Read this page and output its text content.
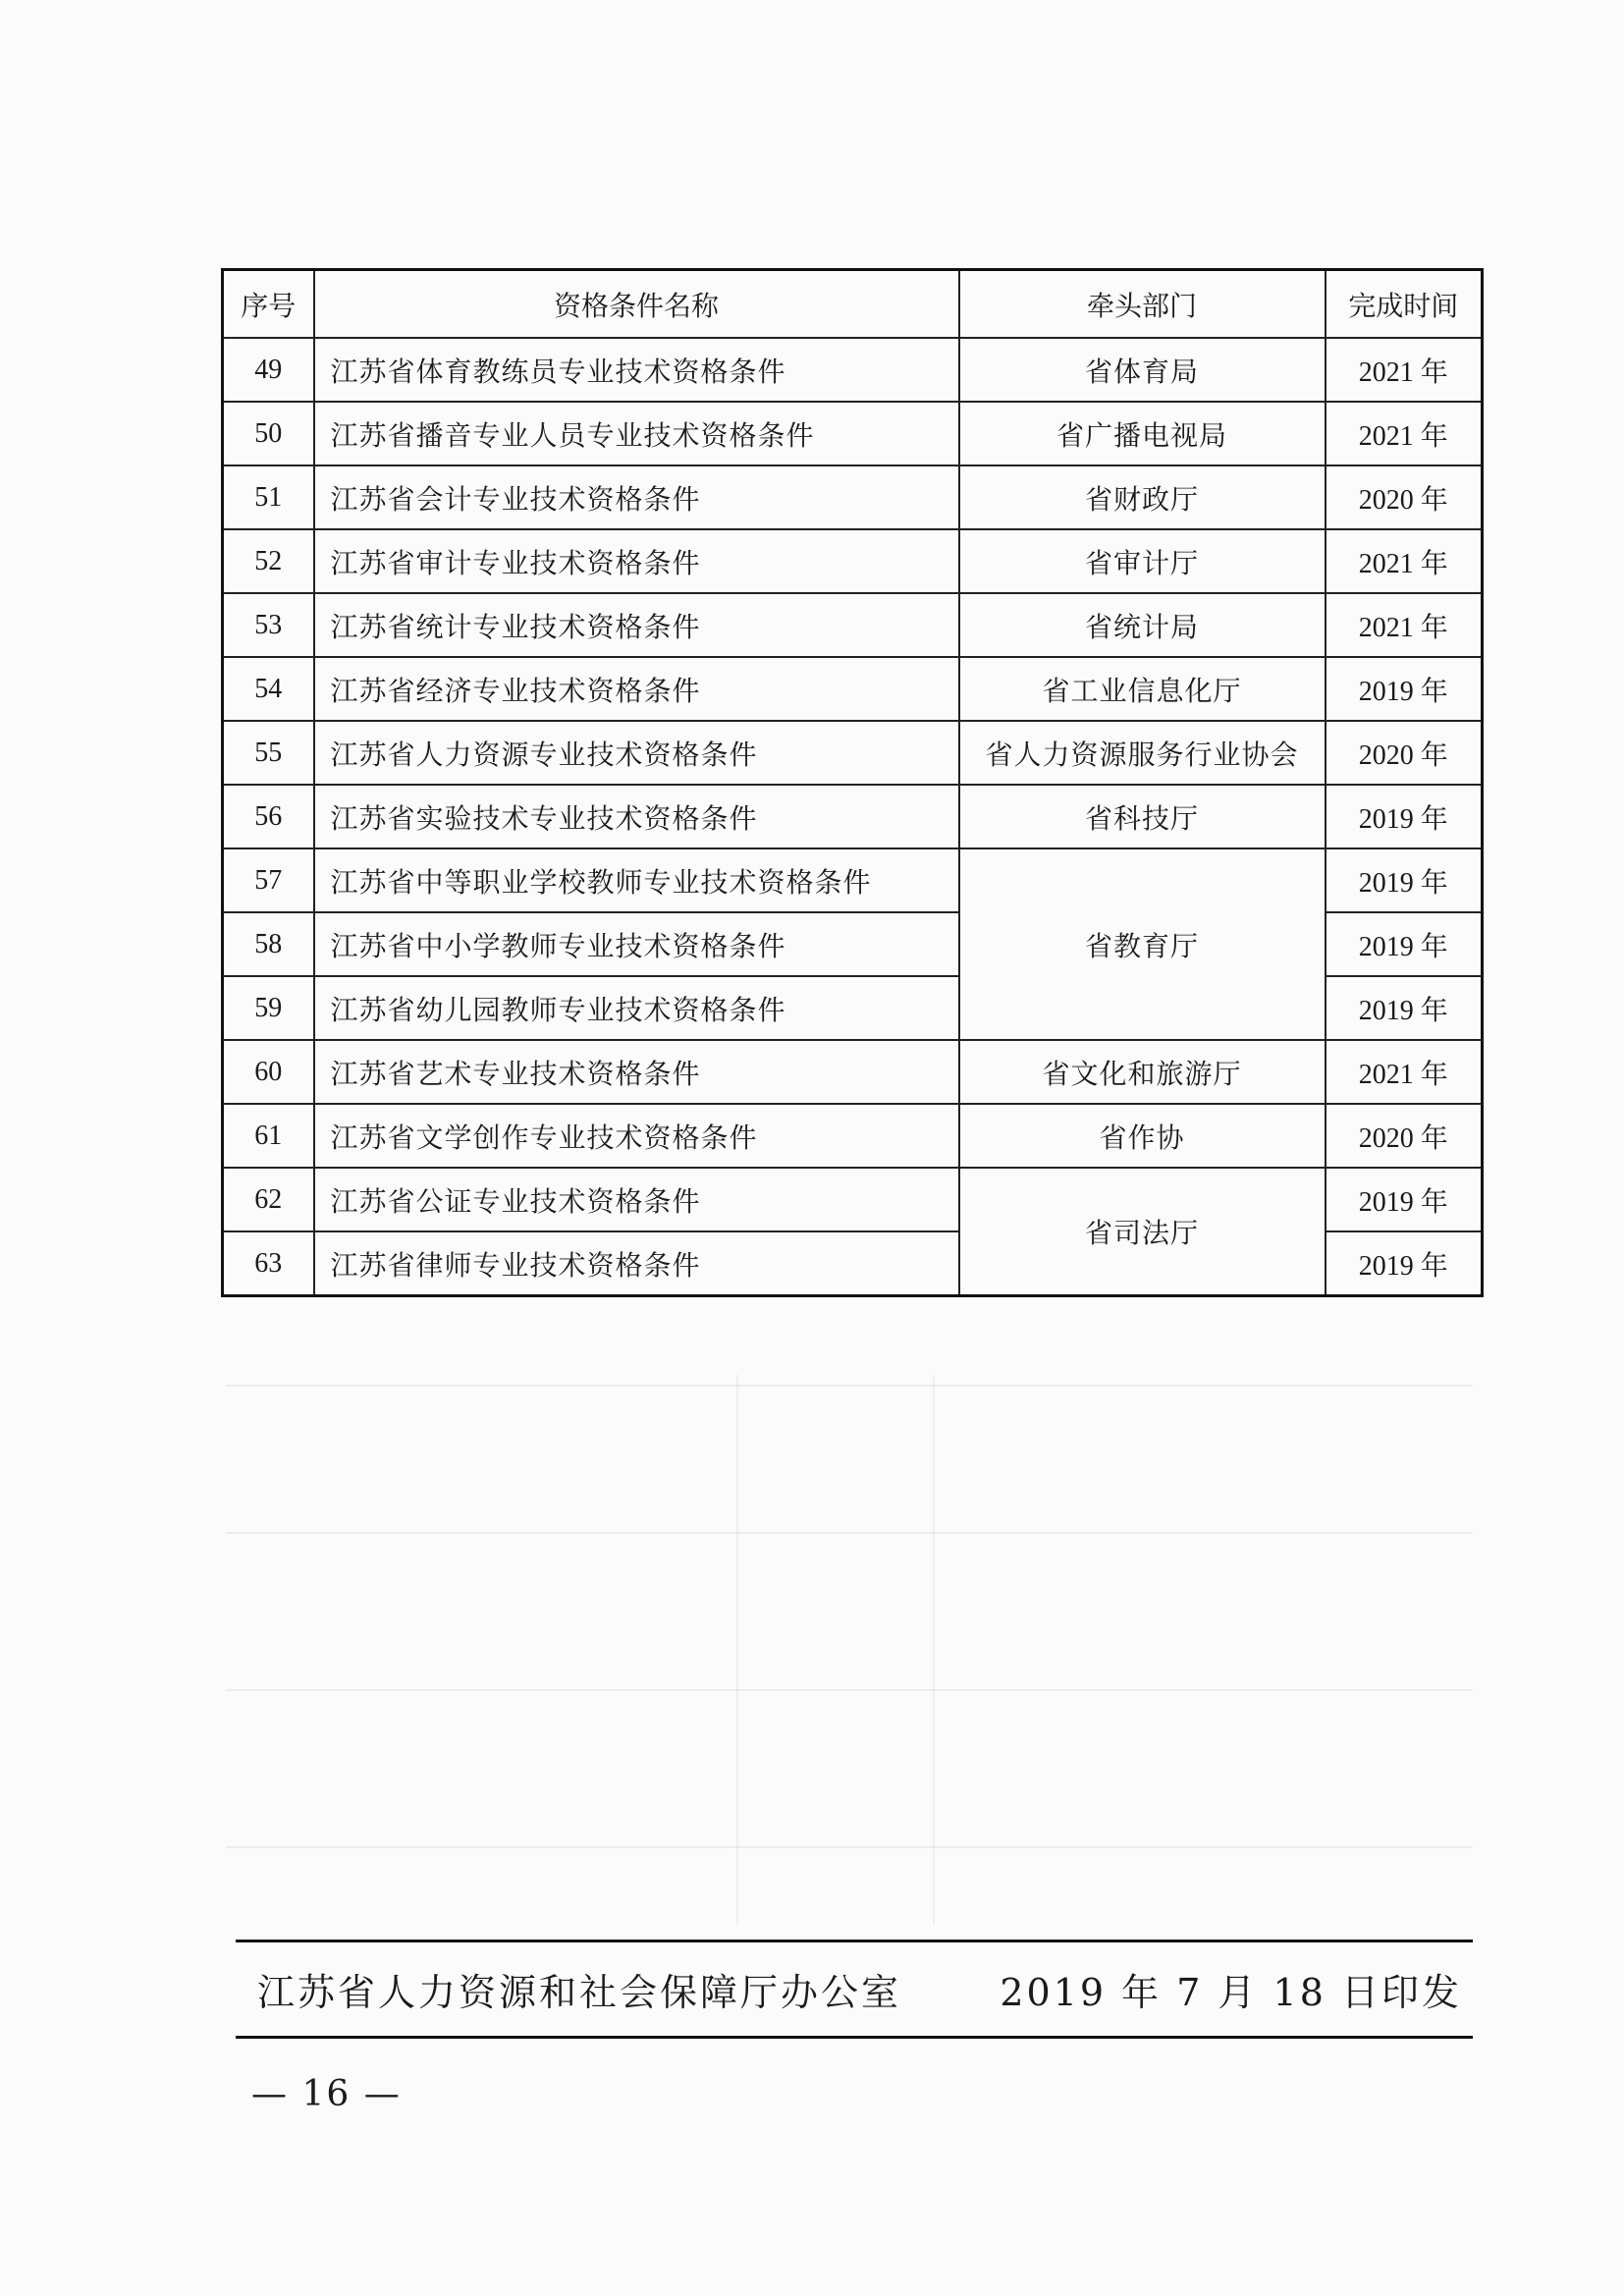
序号	资格条件名称	牵头部门	完成时间
49	江苏省体育教练员专业技术资格条件	省体育局	2021 年
50	江苏省播音专业人员专业技术资格条件	省广播电视局	2021 年
51	江苏省会计专业技术资格条件	省财政厅	2020 年
52	江苏省审计专业技术资格条件	省审计厅	2021 年
53	江苏省统计专业技术资格条件	省统计局	2021 年
54	江苏省经济专业技术资格条件	省工业信息化厅	2019 年
55	江苏省人力资源专业技术资格条件	省人力资源服务行业协会	2020 年
56	江苏省实验技术专业技术资格条件	省科技厅	2019 年
57	江苏省中等职业学校教师专业技术资格条件	省教育厅	2019 年
58	江苏省中小学教师专业技术资格条件		2019 年
59	江苏省幼儿园教师专业技术资格条件		2019 年
60	江苏省艺术专业技术资格条件	省文化和旅游厅	2021 年
61	江苏省文学创作专业技术资格条件	省作协	2020 年
62	江苏省公证专业技术资格条件	省司法厅	2019 年
63	江苏省律师专业技术资格条件		2019 年
江苏省人力资源和社会保障厅办公室	2019 年 7 月 18 日印发
— 16 —
